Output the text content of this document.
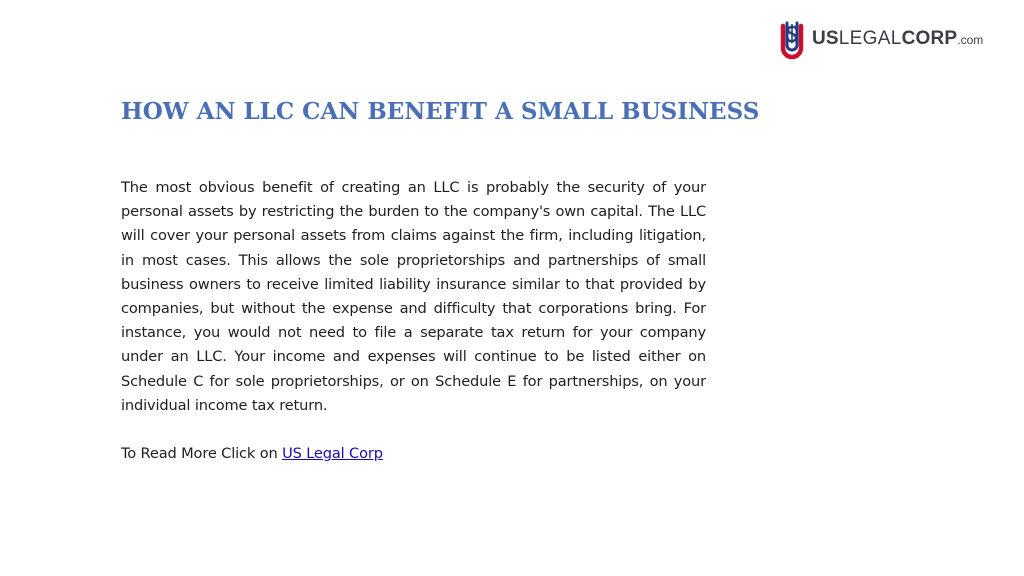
US LEGAL CORP .com
HOW AN LLC CAN BENEFIT A SMALL BUSINESS

The most obvious benefit of creating an LLC is probably the security of your personal assets by restricting the burden to the company's own capital. The LLC will cover your personal assets from claims against the firm, including litigation, in most cases. This allows the sole proprietorships and partnerships of small business owners to receive limited liability insurance similar to that provided by companies, but without the expense and difficulty that corporations bring. For instance, you would not need to file a separate tax return for your company under an LLC. Your income and expenses will continue to be listed either on Schedule C for sole proprietorships, or on Schedule E for partnerships, on your individual income tax return.

To Read More Click on US Legal Corp
